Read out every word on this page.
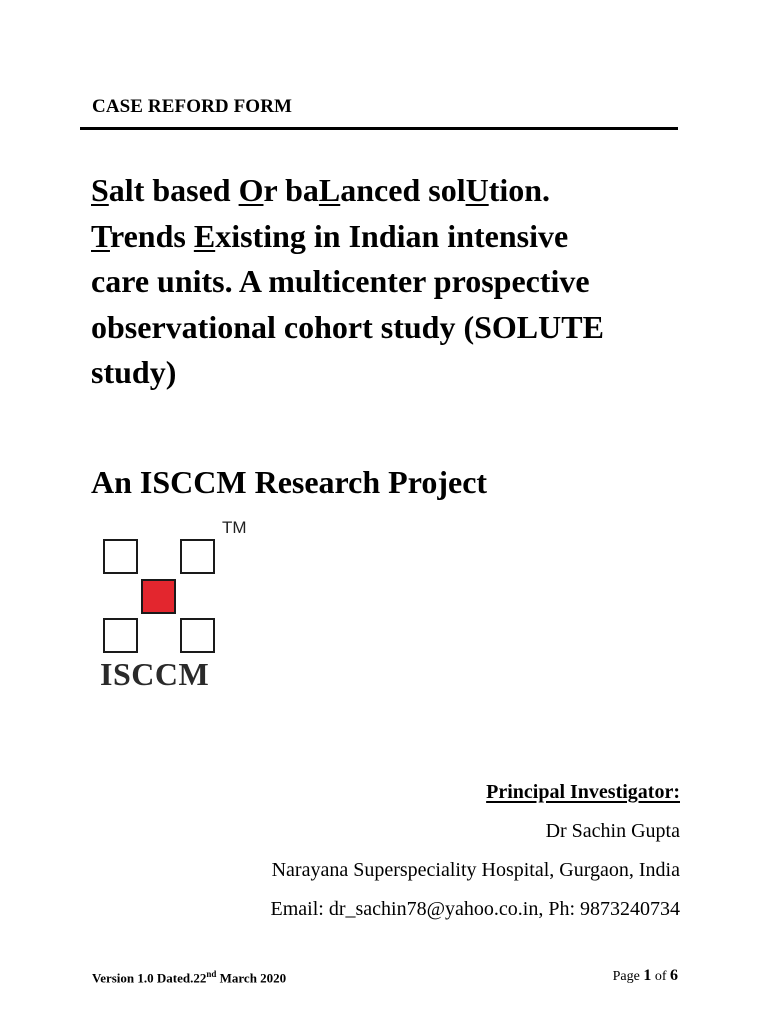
CASE REFORD FORM
Salt based Or baLanced solUtion.
Trends Existing in Indian intensive
care units. A multicenter prospective
observational cohort study (SOLUTE
study)
An ISCCM Research Project
TM
ISCCM
Principal Investigator:
Dr Sachin Gupta
Narayana Superspeciality Hospital, Gurgaon, India
Email: dr_sachin78@yahoo.co.in, Ph: 9873240734
Version 1.0 Dated.22nd March 2020	Page 1 of 6
